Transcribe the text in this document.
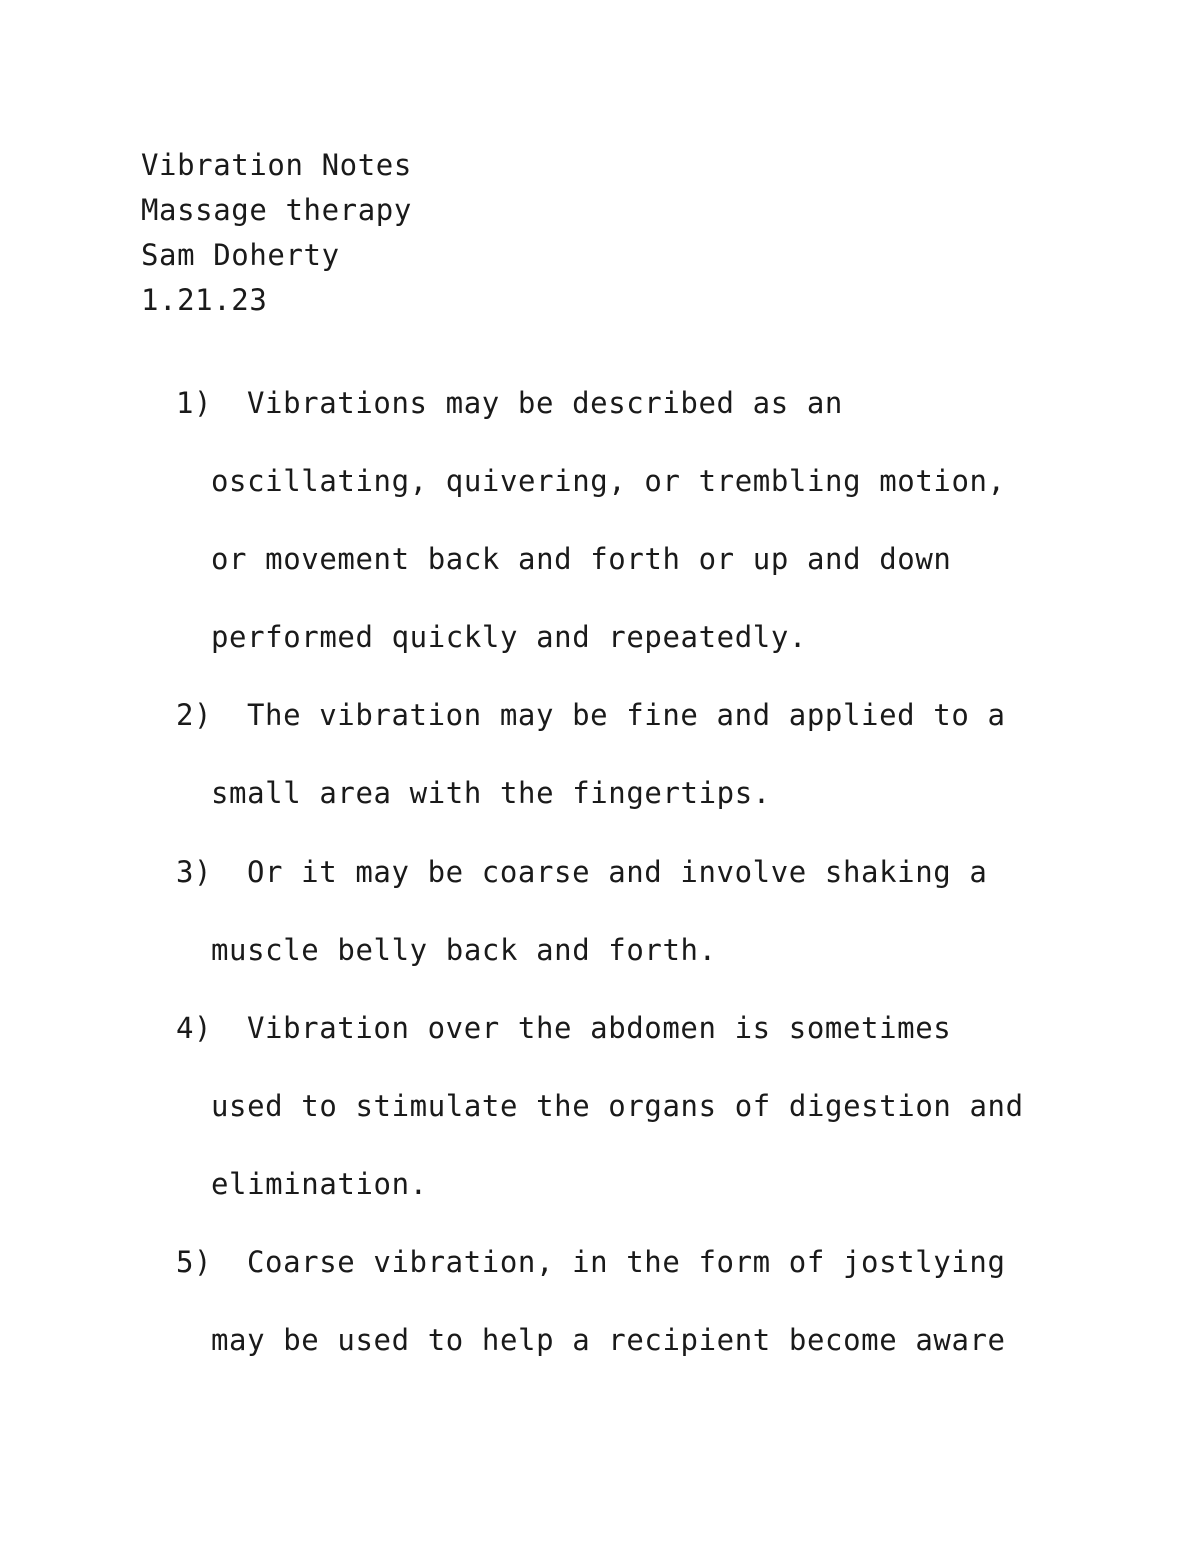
Vibration Notes
Massage therapy
Sam Doherty
1.21.23
1) Vibrations may be described as an
oscillating, quivering, or trembling motion,
or movement back and forth or up and down
performed quickly and repeatedly.
2) The vibration may be fine and applied to a
small area with the fingertips.
3) Or it may be coarse and involve shaking a
muscle belly back and forth.
4) Vibration over the abdomen is sometimes
used to stimulate the organs of digestion and
elimination.
5) Coarse vibration, in the form of jostlying
may be used to help a recipient become aware
